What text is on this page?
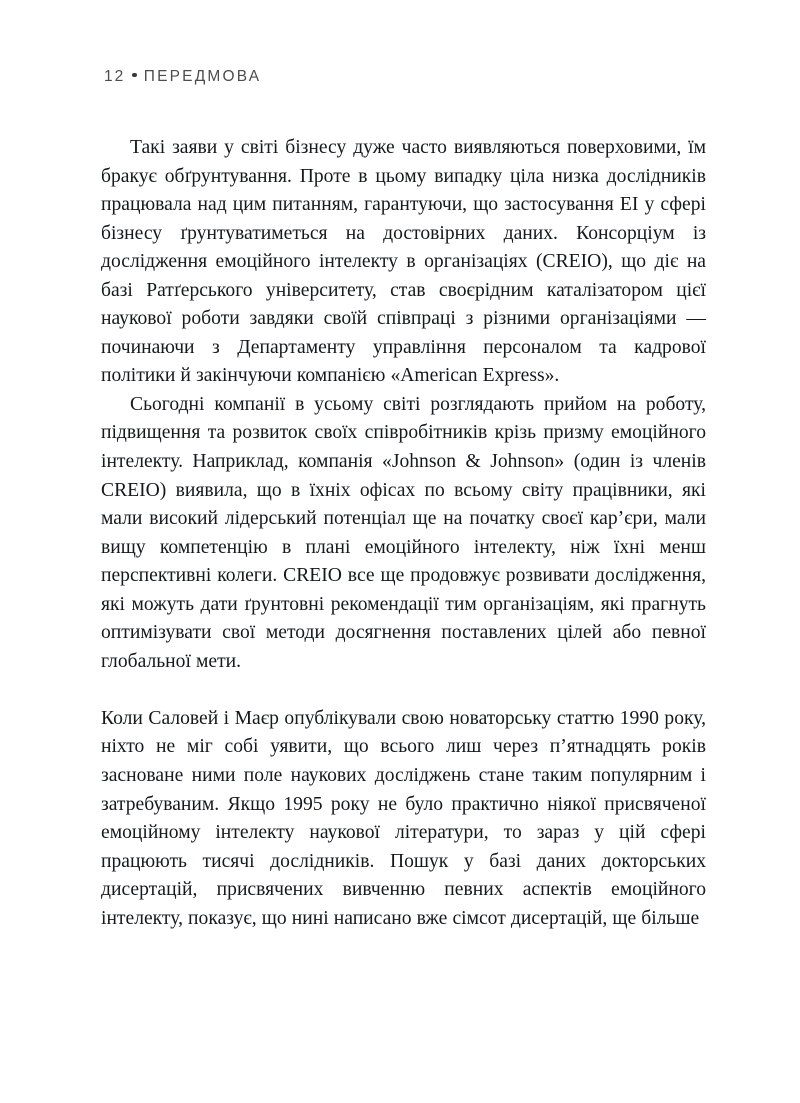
12 ПЕРЕДМОВА

Такі заяви у світі бізнесу дуже часто виявляються поверховими, їм бракує обґрунтування. Проте в цьому випадку ціла низка дослідників працювала над цим питанням, гарантуючи, що застосування ЕІ у сфері бізнесу ґрунтуватиметься на достовірних даних. Консорціум із дослідження емоційного інтелекту в організаціях (CREIO), що діє на базі Ратґерського університету, став своєрідним каталізатором цієї наукової роботи завдяки своїй співпраці з різними організаціями — починаючи з Департаменту управління персоналом та кадрової політики й закінчуючи компанією «American Express».

Сьогодні компанії в усьому світі розглядають прийом на роботу, підвищення та розвиток своїх співробітників крізь призму емоційного інтелекту. Наприклад, компанія «Johnson & Johnson» (один із членів CREIO) виявила, що в їхніх офісах по всьому світу працівники, які мали високий лідерський потенціал ще на початку своєї кар’єри, мали вищу компетенцію в плані емоційного інтелекту, ніж їхні менш перспективні колеги. CREIO все ще продовжує розвивати дослідження, які можуть дати ґрунтовні рекомендації тим організаціям, які прагнуть оптимізувати свої методи досягнення поставлених цілей або певної глобальної мети.

Коли Саловей і Маєр опублікували свою новаторську статтю 1990 року, ніхто не міг собі уявити, що всього лиш через п’ятнадцять років засноване ними поле наукових досліджень стане таким популярним і затребуваним. Якщо 1995 року не було практично ніякої присвяченої емоційному інтелекту наукової літератури, то зараз у цій сфері працюють тисячі дослідників. Пошук у базі даних докторських дисертацій, присвячених вивченню певних аспектів емоційного інтелекту, показує, що нині написано вже сімсот дисертацій, ще більше
